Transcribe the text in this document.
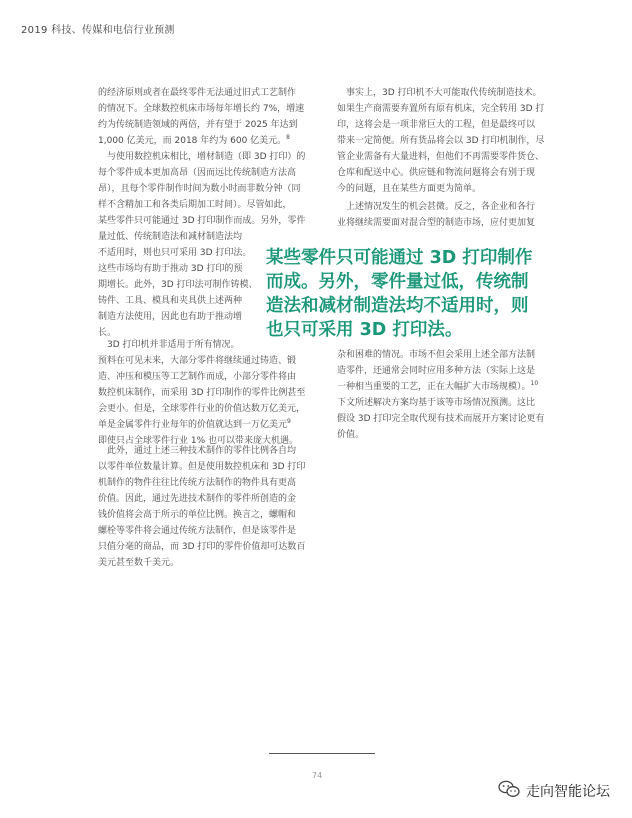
2019 科技、传媒和电信行业预测
的经济原则或者在最终零件无法通过旧式工艺制作
的情况下。全球数控机床市场每年增长约 7%，增速
约为传统制造领域的两倍，并有望于 2025 年达到
1,000 亿美元，而 2018 年约为 600 亿美元。$^8$
与使用数控机床相比，增材制造（即 3D 打印）的
每个零件成本更加高昂（因而远比传统制造方法高
昂），且每个零件制作时间为数小时而非数分钟（同
样不含精加工和各类后期加工时间）。尽管如此，
某些零件只可能通过 3D 打印制作而成。另外，零件
量过低、传统制造法和减材制造法均
不适用时，则也只可采用 3D 打印法。
这些市场均有助于推动 3D 打印的预
期增长。此外，3D 打印法可制作铸模、
铸件、工具、模具和夹具供上述两种
制造方法使用，因此也有助于推动增
长。
3D 打印机并非适用于所有情况。
预料在可见未来，大部分零件将继续通过铸造、锻
造、冲压和模压等工艺制作而成，小部分零件将由
数控机床制作，而采用 3D 打印制作的零件比例甚至
会更小。但是，全球零件行业的价值达数万亿美元，
单是金属零件行业每年的价值就达到一万亿美元$^9$
即使只占全球零件行业 1% 也可以带来庞大机遇。
此外，通过上述三种技术制作的零件比例各自均
以零件单位数量计算。但是使用数控机床和 3D 打印
机制作的物件往往比传统方法制作的物件具有更高
价值。因此，通过先进技术制作的零件所创造的金
钱价值将会高于所示的单位比例。换言之，螺帽和
螺栓等零件将会通过传统方法制作，但是该零件是
只值分毫的商品，而 3D 打印的零件价值却可达数百
美元甚至数千美元。
事实上，3D 打印机不大可能取代传统制造技术。
如果生产商需要弃置所有原有机床，完全转用 3D 打
印，这将会是一项非常巨大的工程，但是最终可以
带来一定简便。所有货品将会以 3D 打印机制作，尽
管企业需备有大量进料，但他们不再需要零件货仓、
仓库和配送中心。供应链和物流问题将会有别于现
今的问题，且在某些方面更为简单。
上述情况发生的机会甚微。反之，各企业和各行
业将继续需要面对混合型的制造市场，应付更加复
某些零件只可能通过 3D 打印制作
而成。另外，零件量过低，传统制
造法和减材制造法均不适用时，则
也只可采用 3D 打印法。
杂和困难的情况。市场不但会采用上述全部方法制
造零件，还通常会同时应用多种方法（实际上这是
一种相当重要的工艺，正在大幅扩大市场规模）。$^{10}$
下文所述解决方案均基于该等市场情况预测。这比
假设 3D 打印完全取代现有技术而展开方案讨论更有
价值。
74
走向智能论坛
